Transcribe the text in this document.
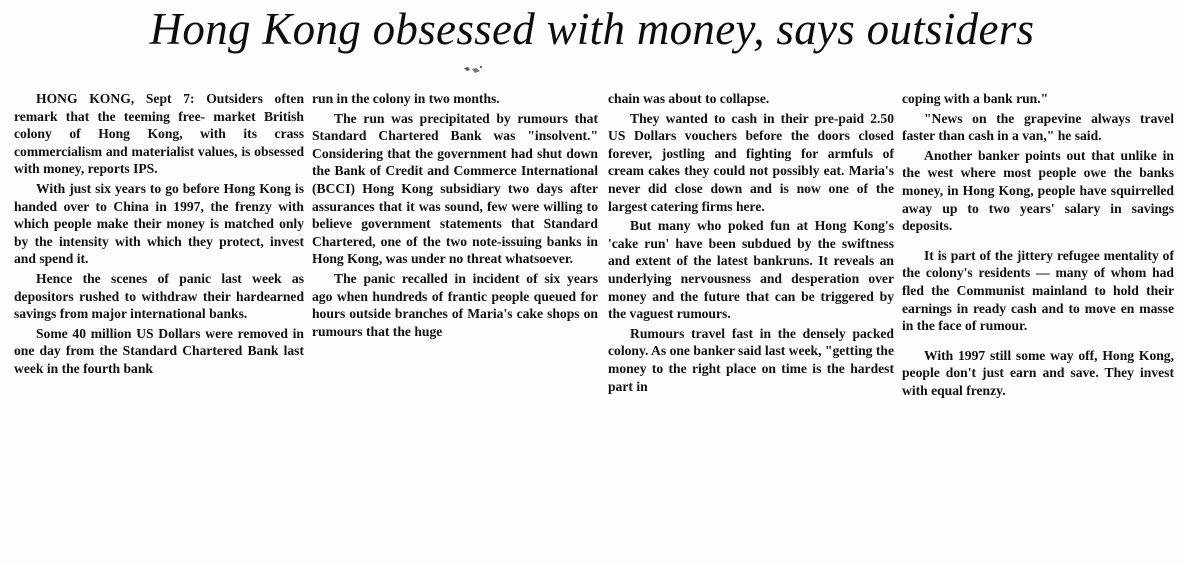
Hong Kong obsessed with money, says outsiders

HONG KONG, Sept 7: Outsiders often remark that the teeming free- market British colony of Hong Kong, with its crass commercialism and materialist values, is obsessed with money, reports IPS.

With just six years to go before Hong Kong is handed over to China in 1997, the frenzy with which people make their money is matched only by the intensity with which they protect, invest and spend it.

Hence the scenes of panic last week as depositors rushed to withdraw their hardearned savings from major international banks.

Some 40 million US Dollars were removed in one day from the Standard Chartered Bank last week in the fourth bank

run in the colony in two months.

The run was precipitated by rumours that Standard Chartered Bank was "insolvent." Considering that the government had shut down the Bank of Credit and Commerce International (BCCI) Hong Kong subsidiary two days after assurances that it was sound, few were willing to believe government statements that Standard Chartered, one of the two note-issuing banks in Hong Kong, was under no threat whatsoever.

The panic recalled in incident of six years ago when hundreds of frantic people queued for hours outside branches of Maria's cake shops on rumours that the huge

chain was about to collapse.

They wanted to cash in their pre-paid 2.50 US Dollars vouchers before the doors closed forever, jostling and fighting for armfuls of cream cakes they could not possibly eat. Maria's never did close down and is now one of the largest catering firms here.

But many who poked fun at Hong Kong's 'cake run' have been subdued by the swiftness and extent of the latest bankruns. It reveals an underlying nervousness and desperation over money and the future that can be triggered by the vaguest rumours.

Rumours travel fast in the densely packed colony. As one banker said last week, "getting the money to the right place on time is the hardest part in

coping with a bank run."

"News on the grapevine always travel faster than cash in a van," he said.

Another banker points out that unlike in the west where most people owe the banks money, in Hong Kong, people have squirrelled away up to two years' salary in savings deposits.

It is part of the jittery refugee mentality of the colony's residents — many of whom had fled the Communist mainland to hold their earnings in ready cash and to move en masse in the face of rumour.

With 1997 still some way off, Hong Kong, people don't just earn and save. They invest with equal frenzy.
